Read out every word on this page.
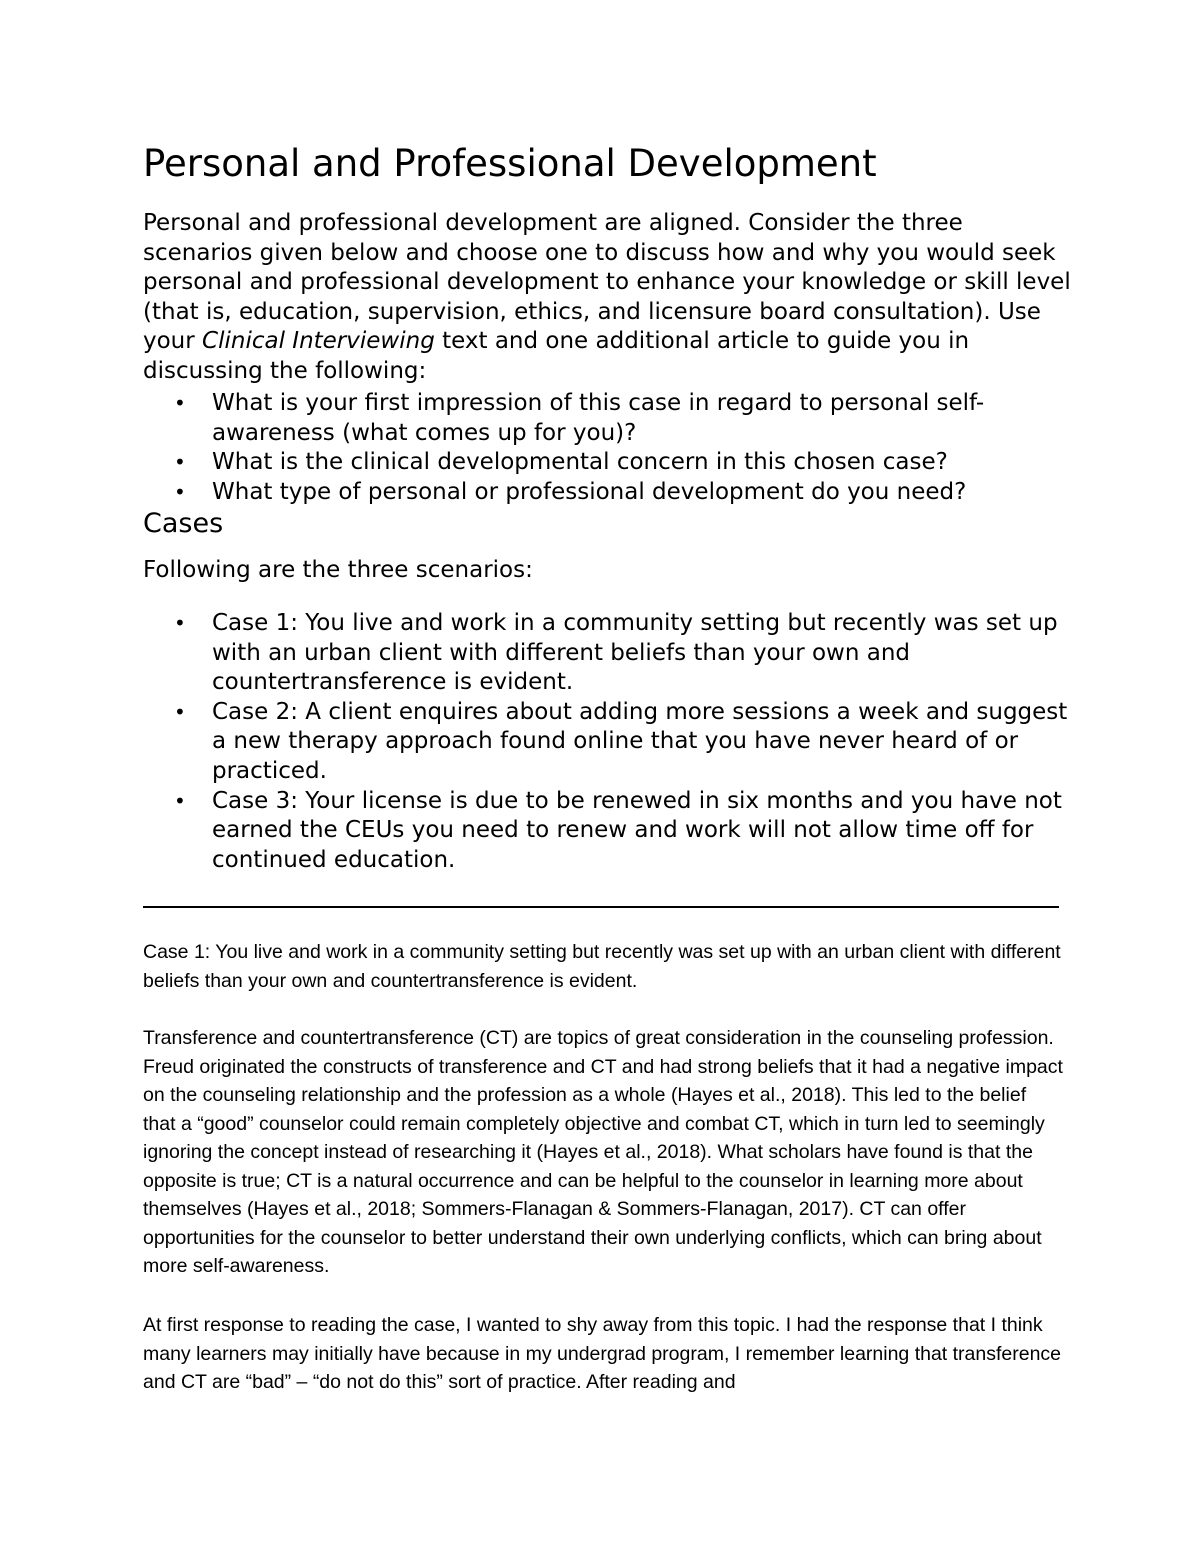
Personal and Professional Development

Personal and professional development are aligned. Consider the three scenarios given below and choose one to discuss how and why you would seek personal and professional development to enhance your knowledge or skill level (that is, education, supervision, ethics, and licensure board consultation). Use your Clinical Interviewing text and one additional article to guide you in discussing the following:

• What is your first impression of this case in regard to personal self-awareness (what comes up for you)?
• What is the clinical developmental concern in this chosen case?
• What type of personal or professional development do you need?
Cases

Following are the three scenarios:

• Case 1: You live and work in a community setting but recently was set up with an urban client with different beliefs than your own and countertransference is evident.
• Case 2: A client enquires about adding more sessions a week and suggest a new therapy approach found online that you have never heard of or practiced.
• Case 3: Your license is due to be renewed in six months and you have not earned the CEUs you need to renew and work will not allow time off for continued education.

Case 1: You live and work in a community setting but recently was set up with an urban client with different beliefs than your own and countertransference is evident.

Transference and countertransference (CT) are topics of great consideration in the counseling profession. Freud originated the constructs of transference and CT and had strong beliefs that it had a negative impact on the counseling relationship and the profession as a whole (Hayes et al., 2018). This led to the belief that a “good” counselor could remain completely objective and combat CT, which in turn led to seemingly ignoring the concept instead of researching it (Hayes et al., 2018). What scholars have found is that the opposite is true; CT is a natural occurrence and can be helpful to the counselor in learning more about themselves (Hayes et al., 2018; Sommers-Flanagan & Sommers-Flanagan, 2017). CT can offer opportunities for the counselor to better understand their own underlying conflicts, which can bring about more self-awareness.

At first response to reading the case, I wanted to shy away from this topic. I had the response that I think many learners may initially have because in my undergrad program, I remember learning that transference and CT are “bad” – “do not do this” sort of practice. After reading and
